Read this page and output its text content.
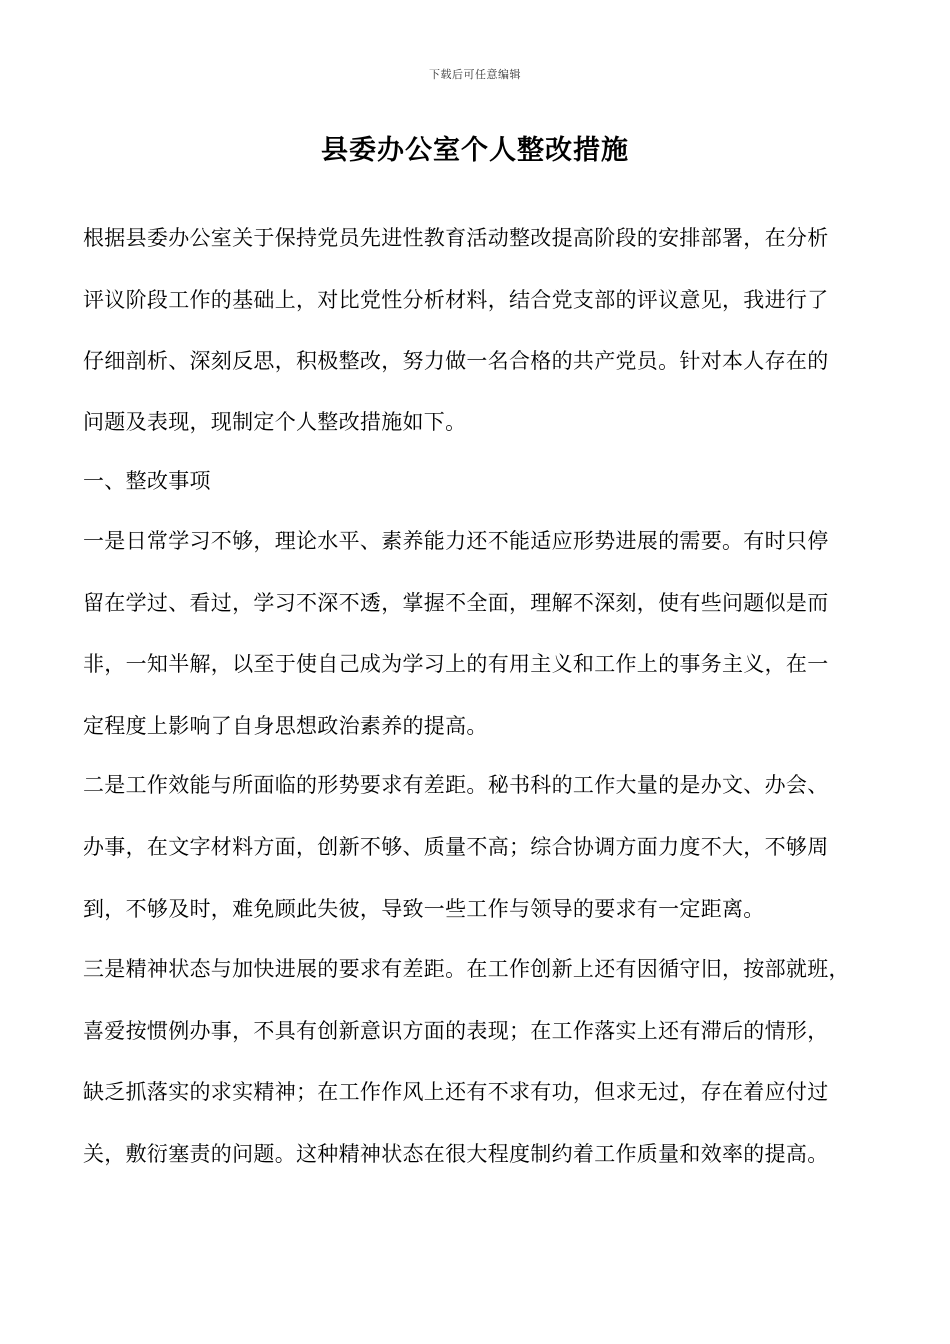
下载后可任意编辑
县委办公室个人整改措施
根据县委办公室关于保持党员先进性教育活动整改提高阶段的安排部署，在分析
评议阶段工作的基础上，对比党性分析材料，结合党支部的评议意见，我进行了
仔细剖析、深刻反思，积极整改，努力做一名合格的共产党员。针对本人存在的
问题及表现，现制定个人整改措施如下。
一、整改事项
一是日常学习不够，理论水平、素养能力还不能适应形势进展的需要。有时只停
留在学过、看过，学习不深不透，掌握不全面，理解不深刻，使有些问题似是而
非，一知半解，以至于使自己成为学习上的有用主义和工作上的事务主义，在一
定程度上影响了自身思想政治素养的提高。
二是工作效能与所面临的形势要求有差距。秘书科的工作大量的是办文、办会、
办事，在文字材料方面，创新不够、质量不高；综合协调方面力度不大，不够周
到，不够及时，难免顾此失彼，导致一些工作与领导的要求有一定距离。
三是精神状态与加快进展的要求有差距。在工作创新上还有因循守旧，按部就班，
喜爱按惯例办事，不具有创新意识方面的表现；在工作落实上还有滞后的情形，
缺乏抓落实的求实精神；在工作作风上还有不求有功，但求无过，存在着应付过
关，敷衍塞责的问题。这种精神状态在很大程度制约着工作质量和效率的提高。
